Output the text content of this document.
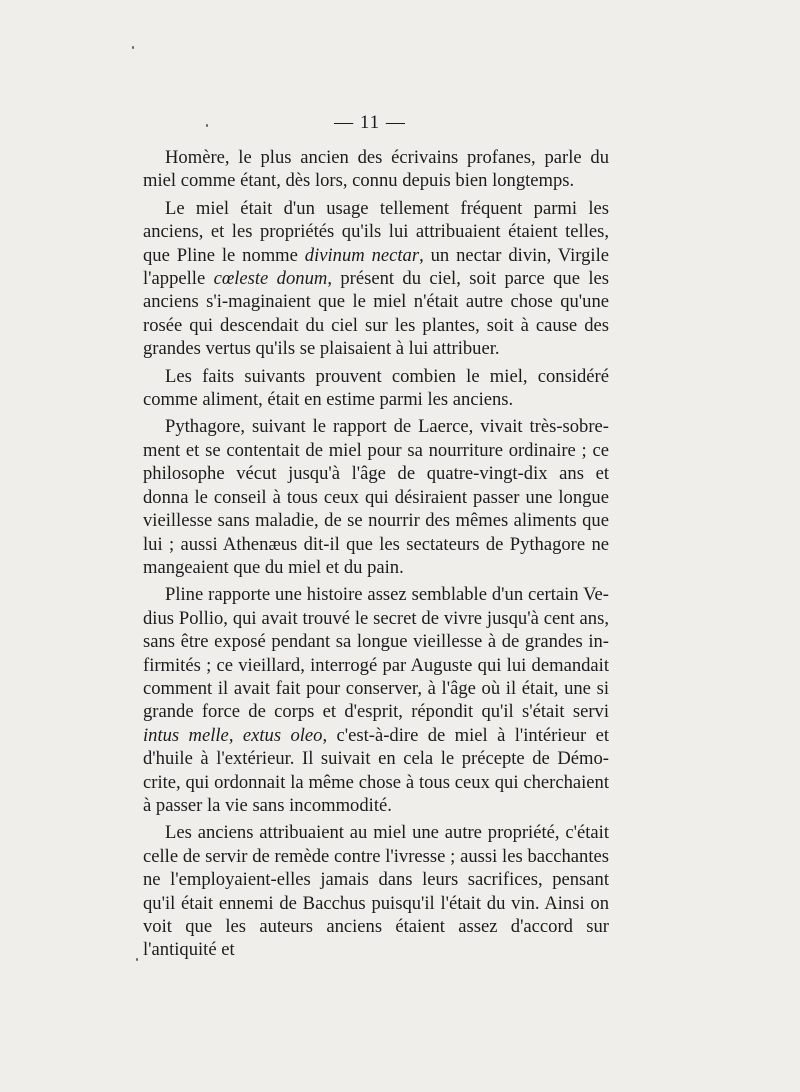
— 11 —

Homère, le plus ancien des écrivains profanes, parle du miel comme étant, dès lors, connu depuis bien longtemps.

Le miel était d'un usage tellement fréquent parmi les anciens, et les propriétés qu'ils lui attribuaient étaient telles, que Pline le nomme divinum nectar, un nectar divin, Virgile l'appelle cœleste donum, présent du ciel, soit parce que les anciens s'i-maginaient que le miel n'était autre chose qu'une rosée qui descendait du ciel sur les plantes, soit à cause des grandes vertus qu'ils se plaisaient à lui attribuer.

Les faits suivants prouvent combien le miel, considéré comme aliment, était en estime parmi les anciens.

Pythagore, suivant le rapport de Laerce, vivait très-sobre-ment et se contentait de miel pour sa nourriture ordinaire ; ce philosophe vécut jusqu'à l'âge de quatre-vingt-dix ans et donna le conseil à tous ceux qui désiraient passer une longue vieillesse sans maladie, de se nourrir des mêmes aliments que lui ; aussi Athenæus dit-il que les sectateurs de Pythagore ne mangeaient que du miel et du pain.

Pline rapporte une histoire assez semblable d'un certain Ve-dius Pollio, qui avait trouvé le secret de vivre jusqu'à cent ans, sans être exposé pendant sa longue vieillesse à de grandes in-firmités ; ce vieillard, interrogé par Auguste qui lui demandait comment il avait fait pour conserver, à l'âge où il était, une si grande force de corps et d'esprit, répondit qu'il s'était servi intus melle, extus oleo, c'est-à-dire de miel à l'intérieur et d'huile à l'extérieur. Il suivait en cela le précepte de Démo-crite, qui ordonnait la même chose à tous ceux qui cherchaient à passer la vie sans incommodité.

Les anciens attribuaient au miel une autre propriété, c'était celle de servir de remède contre l'ivresse ; aussi les bacchantes ne l'employaient-elles jamais dans leurs sacrifices, pensant qu'il était ennemi de Bacchus puisqu'il l'était du vin. Ainsi on voit que les auteurs anciens étaient assez d'accord sur l'antiquité et
